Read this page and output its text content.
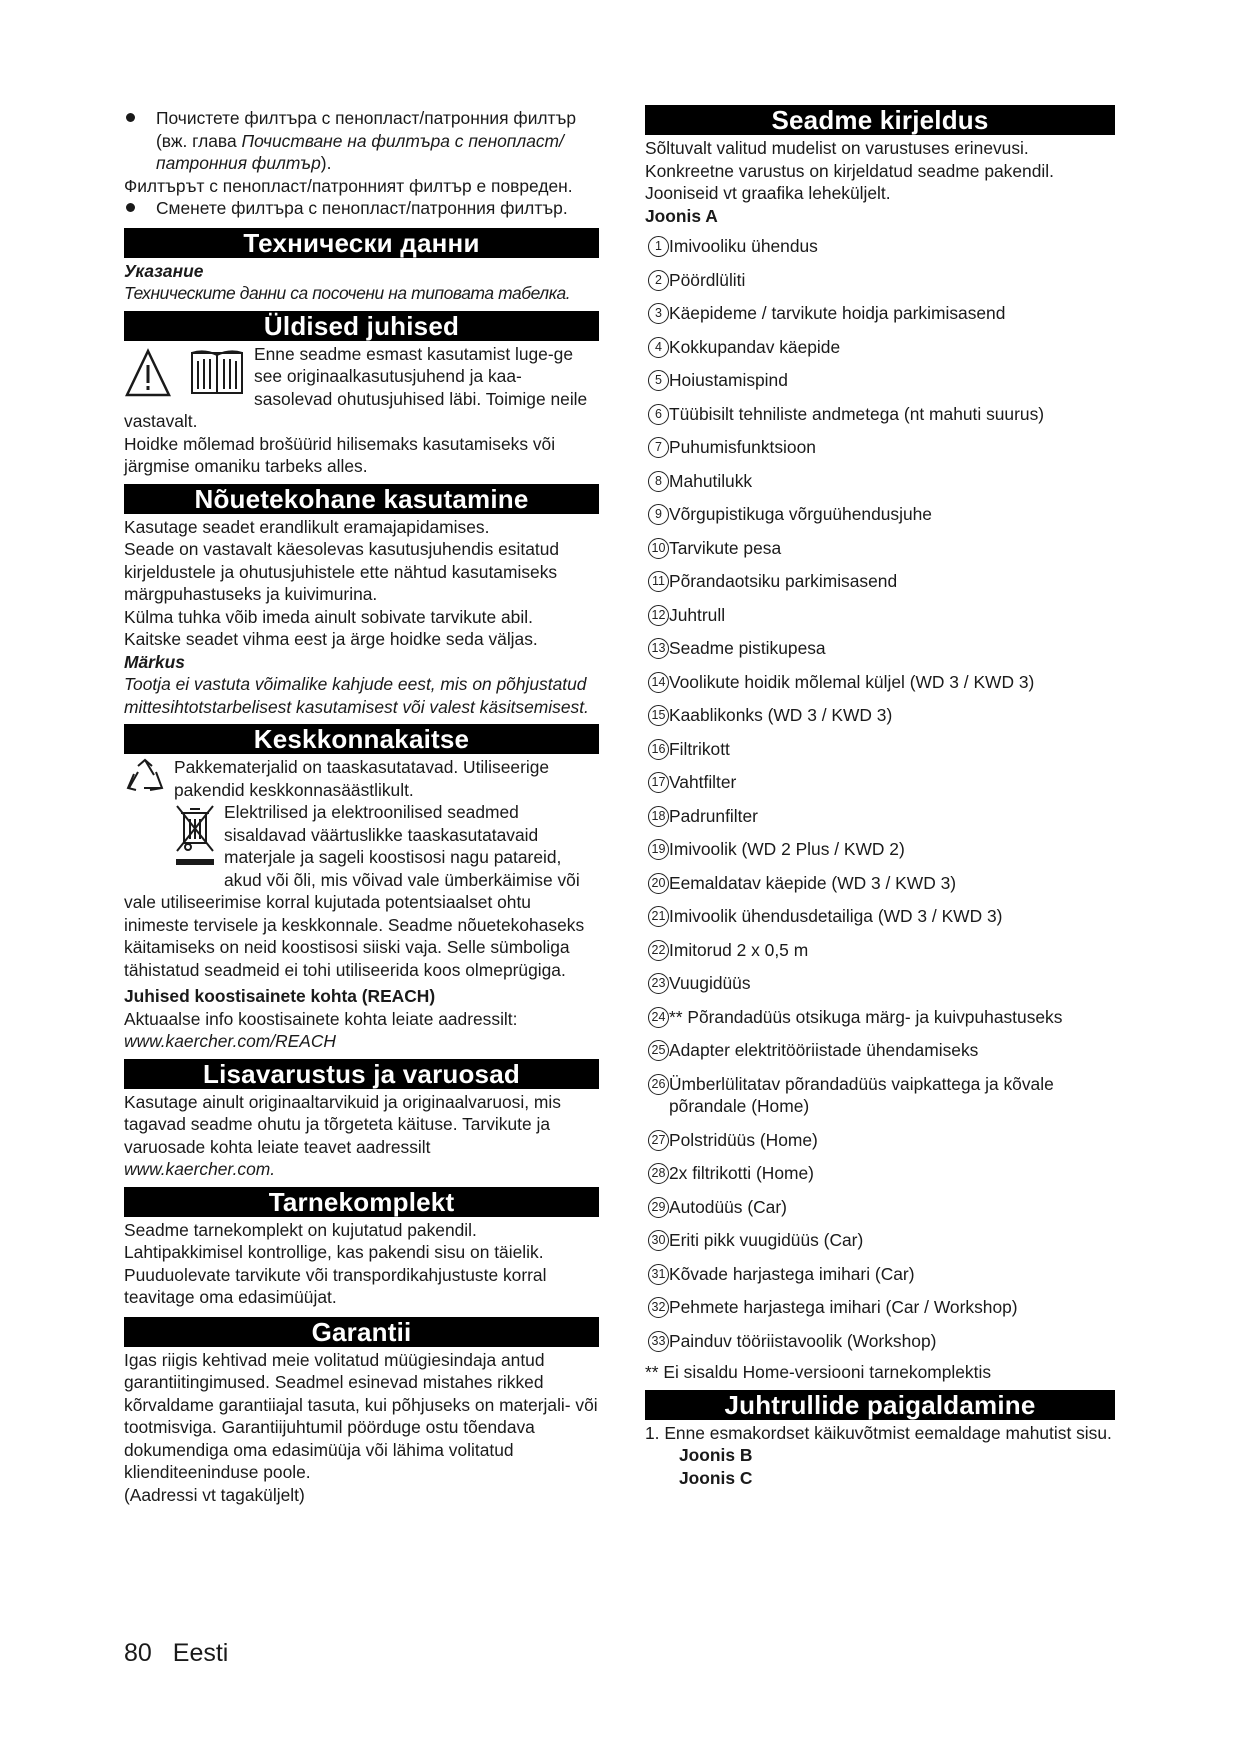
Почистете филтъра с пенопласт/патронния филтър (вж. глава Почистване на филтъра с пенопласт/патронния филтър).

Филтърът с пенопласт/патронният филтър е повреден.

Сменете филтъра с пенопласт/патронния филтър.

Технически данни

Указание

Техническите данни са посочени на типовата табелка.

Üldised juhised

Enne seadme esmast kasutamist luge-ge see originaalkasutusjuhend ja kaa-sasolevad ohutusjuhised läbi. Toimige neile vastavalt.

Hoidke mõlemad brošüürid hilisemaks kasutamiseks või järgmise omaniku tarbeks alles.

Nõuetekohane kasutamine

Kasutage seadet erandlikult eramajapidamises.

Seade on vastavalt käesolevas kasutusjuhendis esitatud kirjeldustele ja ohutusjuhistele ette nähtud kasutamiseks märgpuhastuseks ja kuivimurina.

Külma tuhka võib imeda ainult sobivate tarvikute abil.

Kaitske seadet vihma eest ja ärge hoidke seda väljas.

Märkus

Tootja ei vastuta võimalike kahjude eest, mis on põhjustatud mittesihtotstarbelisest kasutamisest või valest käsitsemisest.

Keskkonnakaitse

Pakkematerjalid on taaskasutatavad. Utiliseerige pakendid keskkonnasäästlikult.

Elektrilised ja elektroonilised seadmed sisaldavad väärtuslikke taaskasutatavaid materjale ja sageli koostisosi nagu patareid, akud või õli, mis võivad vale ümberkäimise või vale utiliseerimise korral kujutada potentsiaalset ohtu inimeste tervisele ja keskkonnale. Seadme nõuetekohaseks käitamiseks on neid koostisosi siiski vaja. Selle sümboliga tähistatud seadmeid ei tohi utiliseerida koos olmeprügiga.

Juhised koostisainete kohta (REACH)

Aktuaalse info koostisainete kohta leiate aadressilt:

www.kaercher.com/REACH

Lisavarustus ja varuosad

Kasutage ainult originaaltarvikuid ja originaalvaruosi, mis tagavad seadme ohutu ja tõrgeteta käituse. Tarvikute ja varuosade kohta leiate teavet aadressilt

www.kaercher.com.

Tarnekomplekt

Seadme tarnekomplekt on kujutatud pakendil. Lahtipakkimisel kontrollige, kas pakendi sisu on täielik. Puuduolevate tarvikute või transpordikahjustuste korral teavitage oma edasimüüjat.

Garantii

Igas riigis kehtivad meie volitatud müügiesindaja antud garantiitingimused. Seadmel esinevad mistahes rikked kõrvaldame garantiiajal tasuta, kui põhjuseks on materjali- või tootmisviga. Garantiijuhtumil pöörduge ostu tõendava dokumendiga oma edasimüüja või lähima volitatud klienditeeninduse poole.

(Aadressi vt tagaküljelt)

Seadme kirjeldus

Sõltuvalt valitud mudelist on varustuses erinevusi. Konkreetne varustus on kirjeldatud seadme pakendil. Jooniseid vt graafika leheküljelt.

Joonis A

1 Imivooliku ühendus
2 Pöördlüliti
3 Käepideme / tarvikute hoidja parkimisasend
4 Kokkupandav käepide
5 Hoiustamispind
6 Tüübisilt tehniliste andmetega (nt mahuti suurus)
7 Puhumisfunktsioon
8 Mahutilukk
9 Võrgupistikuga võrguühendusjuhe
10 Tarvikute pesa
11 Põrandaotsiku parkimisasend
12 Juhtrull
13 Seadme pistikupesa
14 Voolikute hoidik mõlemal küljel (WD 3 / KWD 3)
15 Kaablikonks (WD 3 / KWD 3)
16 Filtrikott
17 Vahtfilter
18 Padrunfilter
19 Imivoolik (WD 2 Plus / KWD 2)
20 Eemaldatav käepide (WD 3 / KWD 3)
21 Imivoolik ühendusdetailiga (WD 3 / KWD 3)
22 Imitorud 2 x 0,5 m
23 Vuugidüüs
24 ** Põrandadüüs otsikuga märg- ja kuivpuhastuseks
25 Adapter elektritööriistade ühendamiseks
26 Ümberlülitatav põrandadüüs vaipkattega ja kõvale põrandale (Home)
27 Polstridüüs (Home)
28 2x filtrikotti (Home)
29 Autodüüs (Car)
30 Eriti pikk vuugidüüs (Car)
31 Kõvade harjastega imihari (Car)
32 Pehmete harjastega imihari (Car / Workshop)
33 Painduv tööriistavoolik (Workshop)

** Ei sisaldu Home-versiooni tarnekomplektis

Juhtrullide paigaldamine

1. Enne esmakordset käikuvõtmist eemaldage mahutist sisu.

Joonis B

Joonis C

80 Eesti
